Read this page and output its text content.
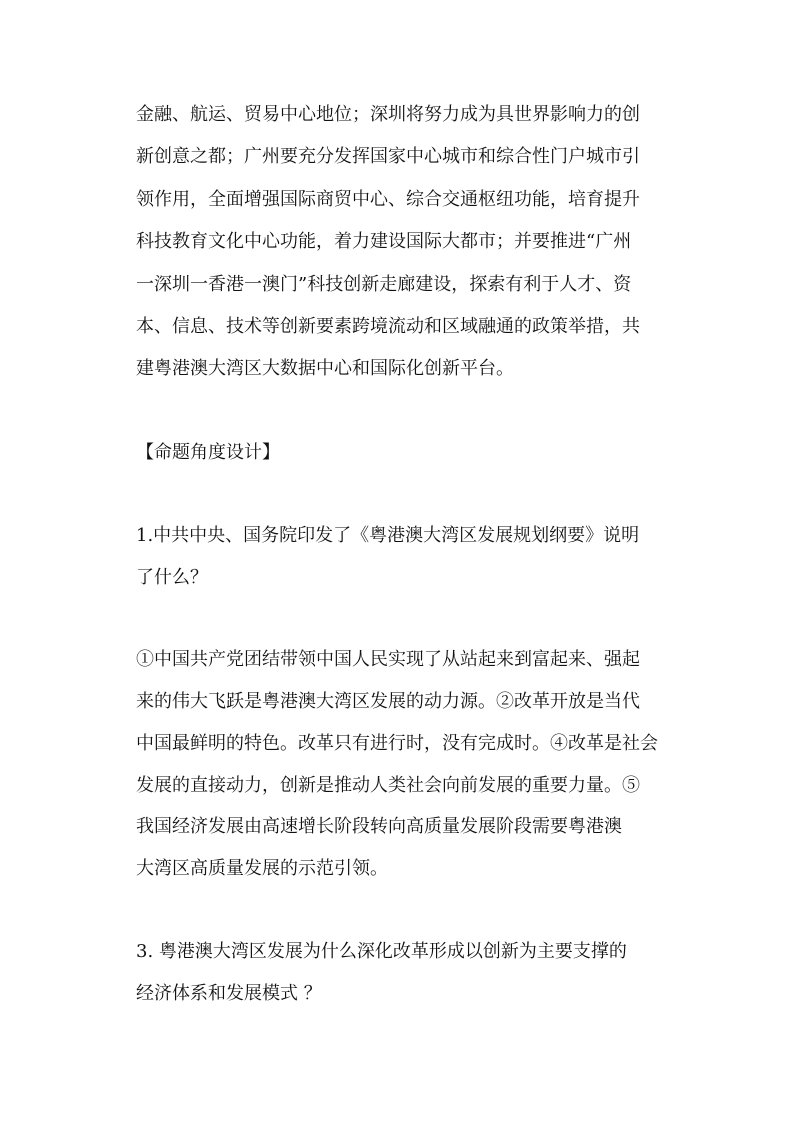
金融、航运、贸易中心地位；深圳将努力成为具世界影响力的创

新创意之都；广州要充分发挥国家中心城市和综合性门户城市引

领作用，全面增强国际商贸中心、综合交通枢纽功能，培育提升

科技教育文化中心功能，着力建设国际大都市；并要推进“广州

一深圳一香港一澳门”科技创新走廊建设，探索有利于人才、资

本、信息、技术等创新要素跨境流动和区域融通的政策举措，共

建粤港澳大湾区大数据中心和国际化创新平台。

【命题角度设计】

1.中共中央、国务院印发了《粤港澳大湾区发展规划纲要》说明

了什么？

①中国共产党团结带领中国人民实现了从站起来到富起来、强起

来的伟大飞跃是粤港澳大湾区发展的动力源。②改革开放是当代

中国最鲜明的特色。改革只有进行时，没有完成时。④改革是社会

发展的直接动力，创新是推动人类社会向前发展的重要力量。⑤

我国经济发展由高速增长阶段转向高质量发展阶段需要粤港澳

大湾区高质量发展的示范引领。

3. 粤港澳大湾区发展为什么深化改革形成以创新为主要支撑的

经济体系和发展模式 ？
